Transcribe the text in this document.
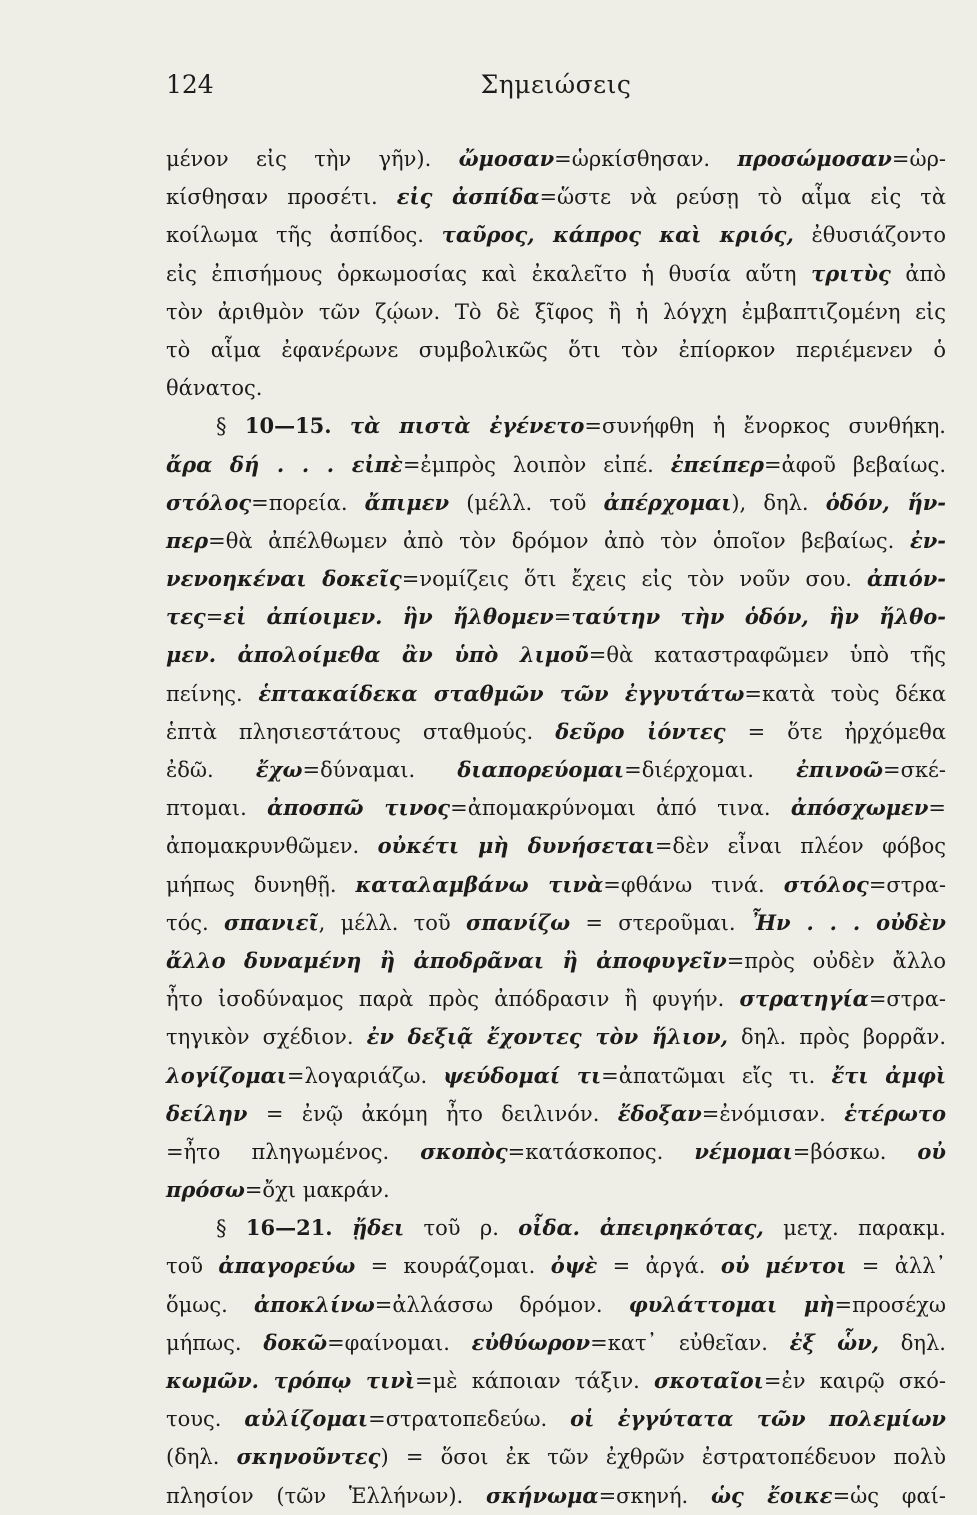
124	Σημειώσεις
μένον εἰς τὴν γῆν). ὤμοσαν=ὡρκίσθησαν. προσώμοσαν=ὡρ-
κίσθησαν προσέτι. εἰς ἀσπίδα=ὥστε νὰ ρεύσῃ τὸ αἷμα εἰς τὰ
κοίλωμα τῆς ἀσπίδος. ταῦρος, κάπρος καὶ κριός, ἐθυσιάζοντο
εἰς ἐπισήμους ὁρκωμοσίας καὶ ἐκαλεῖτο ἡ θυσία αὕτη τριτὺς ἀπὸ
τὸν ἀριθμὸν τῶν ζῴων. Τὸ δὲ ξῖφος ἢ ἡ λόγχη ἐμβαπτιζομένη εἰς
τὸ αἷμα ἐφανέρωνε συμβολικῶς ὅτι τὸν ἐπίορκον περιέμενεν ὁ
θάνατος.
§ 10—15. τὰ πιστὰ ἐγένετο=συνήφθη ἡ ἔνορκος συνθήκη.
ἄρα δή . . . εἰπὲ=ἐμπρὸς λοιπὸν εἰπέ. ἐπείπερ=ἀφοῦ βεβαίως.
στόλος=πορεία. ἄπιμεν (μέλλ. τοῦ ἀπέρχομαι), δηλ. ὁδόν, ἥν-
περ=θὰ ἀπέλθωμεν ἀπὸ τὸν δρόμον ἀπὸ τὸν ὁποῖον βεβαίως. ἐν-
νενοηκέναι δοκεῖς=νομίζεις ὅτι ἔχεις εἰς τὸν νοῦν σου. ἀπιόν-
τες=εἰ ἀπίοιμεν. ἣν ἤλθομεν=ταύτην τὴν ὁδόν, ἣν ἤλθο-
μεν. ἀπολοίμεθα ἂν ὑπὸ λιμοῦ=θὰ καταστραφῶμεν ὑπὸ τῆς
πείνης. ἑπτακαίδεκα σταθμῶν τῶν ἐγγυτάτω=κατὰ τοὺς δέκα
ἑπτὰ πλησιεστάτους σταθμούς. δεῦρο ἰόντες = ὅτε ἠρχόμεθα
ἐδῶ. ἔχω=δύναμαι. διαπορεύομαι=διέρχομαι. ἐπινοῶ=σκέ-
πτομαι. ἀποσπῶ τινος=ἀπομακρύνομαι ἀπό τινα. ἀπόσχωμεν=
ἀπομακρυνθῶμεν. οὐκέτι μὴ δυνήσεται=δὲν εἶναι πλέον φόβος
μήπως δυνηθῇ. καταλαμβάνω τινὰ=φθάνω τινά. στόλος=στρα-
τός. σπανιεῖ, μέλλ. τοῦ σπανίζω = στεροῦμαι. Ἦν . . . οὐδὲν
ἄλλο δυναμένη ἢ ἀποδρᾶναι ἢ ἀποφυγεῖν=πρὸς οὐδὲν ἄλλο
ἦτο ἰσοδύναμος παρὰ πρὸς ἀπόδρασιν ἢ φυγήν. στρατηγία=στρα-
τηγικὸν σχέδιον. ἐν δεξιᾷ ἔχοντες τὸν ἥλιον, δηλ. πρὸς βορρᾶν.
λογίζομαι=λογαριάζω. ψεύδομαί τι=ἀπατῶμαι εἴς τι. ἔτι ἀμφὶ
δείλην = ἐνῷ ἀκόμη ἦτο δειλινόν. ἔδοξαν=ἐνόμισαν. ἑτέρωτο
=ἦτο πληγωμένος. σκοπὸς=κατάσκοπος. νέμομαι=βόσκω. οὐ
πρόσω=ὄχι μακράν.
§ 16—21. ᾔδει τοῦ ρ. οἶδα. ἀπειρηκότας, μετχ. παρακμ.
τοῦ ἀπαγορεύω = κουράζομαι. ὀψὲ = ἀργά. οὐ μέντοι = ἀλλ᾿
ὅμως. ἀποκλίνω=ἀλλάσσω δρόμον. φυλάττομαι μὴ=προσέχω
μήπως. δοκῶ=φαίνομαι. εὐθύωρον=κατ᾿ εὐθεῖαν. ἐξ ὧν, δηλ.
κωμῶν. τρόπῳ τινὶ=μὲ κάποιαν τάξιν. σκοταῖοι=ἐν καιρῷ σκό-
τους. αὐλίζομαι=στρατοπεδεύω. οἱ ἐγγύτατα τῶν πολεμίων
(δηλ. σκηνοῦντες) = ὅσοι ἐκ τῶν ἐχθρῶν ἐστρατοπέδευον πολὺ
πλησίον (τῶν Ἑλλήνων). σκήνωμα=σκηνή. ὡς ἔοικε=ὡς φαί-
